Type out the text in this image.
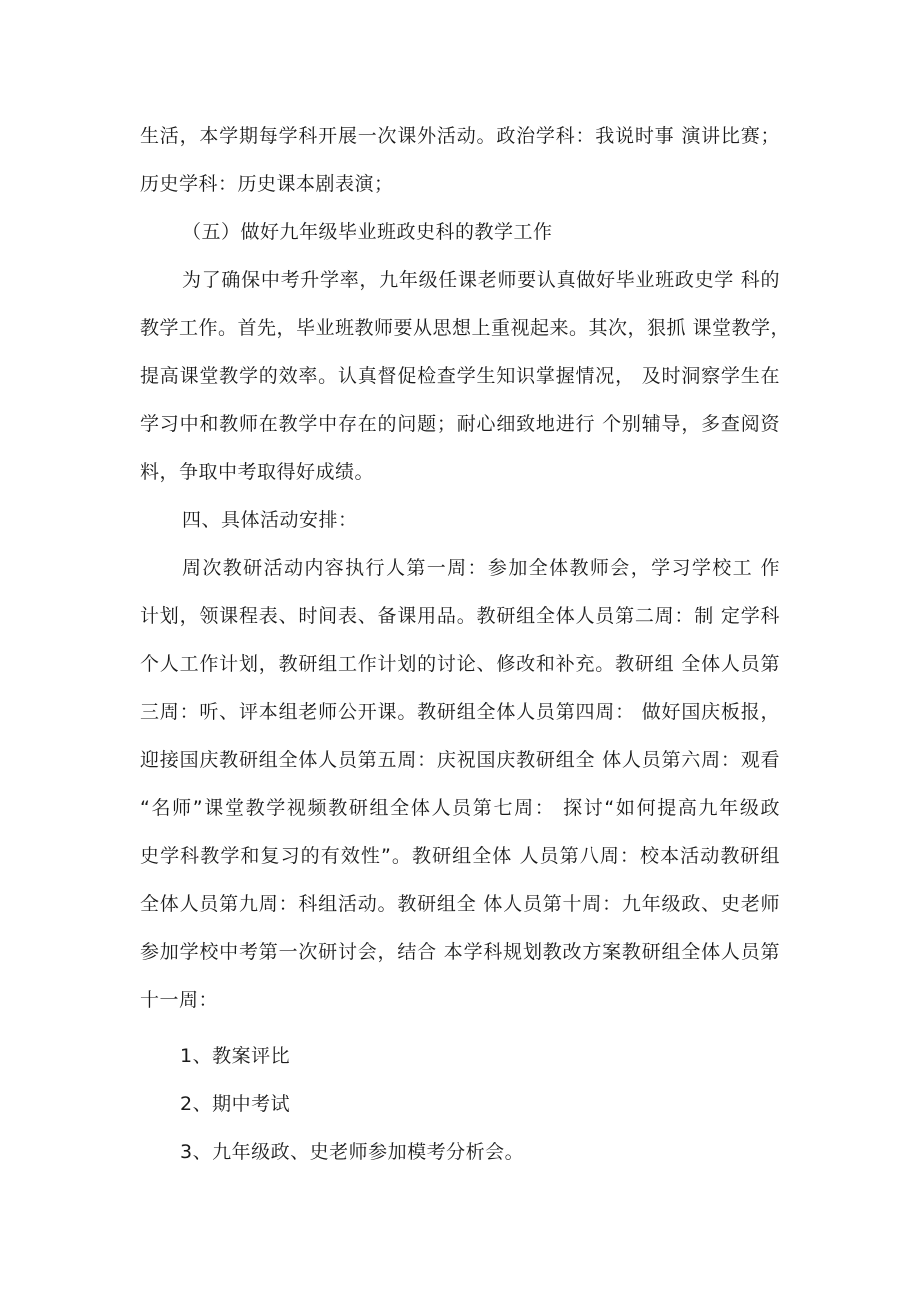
生活，本学期每学科开展一次课外活动。政治学科：我说时事 演讲比赛；
历史学科：历史课本剧表演；
（五）做好九年级毕业班政史科的教学工作
为了确保中考升学率，九年级任课老师要认真做好毕业班政史学 科的
教学工作。首先，毕业班教师要从思想上重视起来。其次，狠抓 课堂教学，
提高课堂教学的效率。认真督促检查学生知识掌握情况， 及时洞察学生在
学习中和教师在教学中存在的问题；耐心细致地进行 个别辅导，多查阅资
料，争取中考取得好成绩。
四、具体活动安排：
周次教研活动内容执行人第一周：参加全体教师会，学习学校工 作
计划，领课程表、时间表、备课用品。教研组全体人员第二周：制 定学科
个人工作计划，教研组工作计划的讨论、修改和补充。教研组 全体人员第
三周：听、评本组老师公开课。教研组全体人员第四周： 做好国庆板报，
迎接国庆教研组全体人员第五周：庆祝国庆教研组全 体人员第六周：观看
“名师”课堂教学视频教研组全体人员第七周： 探讨“如何提高九年级政
史学科教学和复习的有效性”。教研组全体 人员第八周：校本活动教研组
全体人员第九周：科组活动。教研组全 体人员第十周：九年级政、史老师
参加学校中考第一次研讨会，结合 本学科规划教改方案教研组全体人员第
十一周：
1、教案评比
2、期中考试
3、九年级政、史老师参加模考分析会。
